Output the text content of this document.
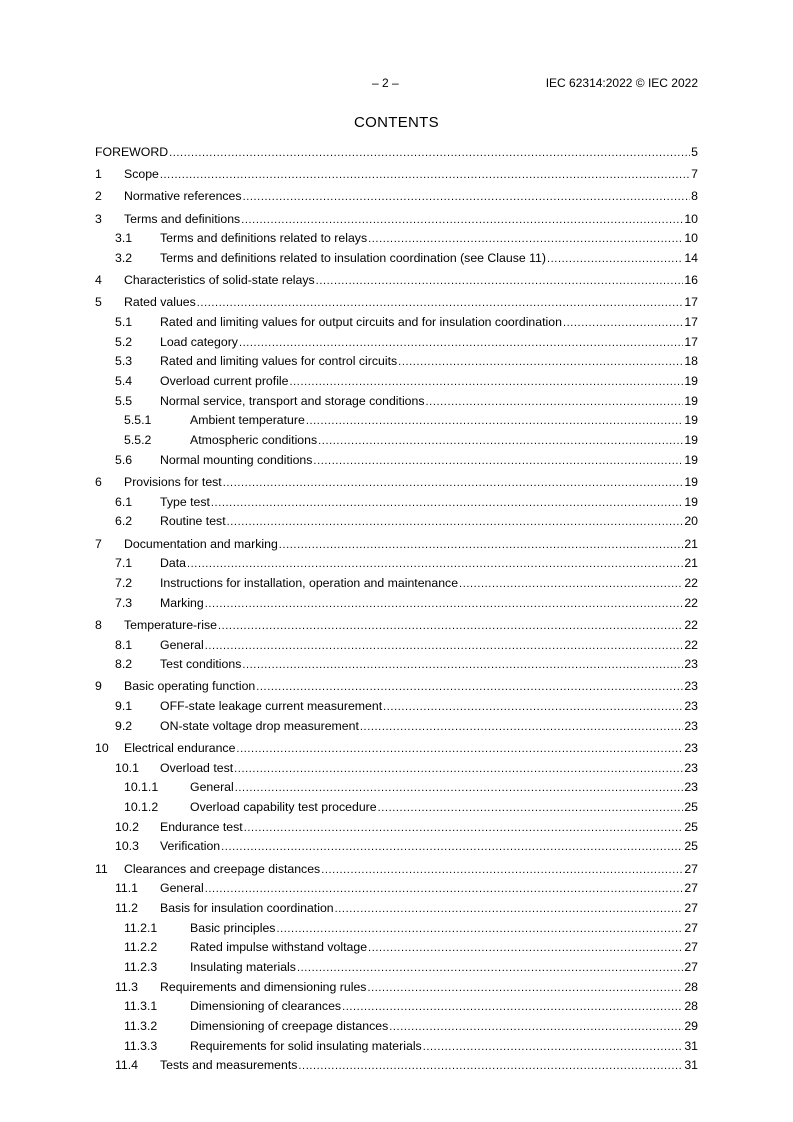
– 2 –	IEC 62314:2022 © IEC 2022
CONTENTS
FOREWORD .....	5
1	Scope .....	7
2	Normative references .....	8
3	Terms and definitions .....	10
3.1	Terms and definitions related to relays .....	10
3.2	Terms and definitions related to insulation coordination (see Clause 11) .....	14
4	Characteristics of solid-state relays .....	16
5	Rated values .....	17
5.1	Rated and limiting values for output circuits and for insulation coordination .....	17
5.2	Load category .....	17
5.3	Rated and limiting values for control circuits .....	18
5.4	Overload current profile .....	19
5.5	Normal service, transport and storage conditions .....	19
5.5.1	Ambient temperature .....	19
5.5.2	Atmospheric conditions .....	19
5.6	Normal mounting conditions .....	19
6	Provisions for test .....	19
6.1	Type test .....	19
6.2	Routine test .....	20
7	Documentation and marking .....	21
7.1	Data .....	21
7.2	Instructions for installation, operation and maintenance .....	22
7.3	Marking .....	22
8	Temperature-rise .....	22
8.1	General .....	22
8.2	Test conditions .....	23
9	Basic operating function .....	23
9.1	OFF-state leakage current measurement .....	23
9.2	ON-state voltage drop measurement .....	23
10	Electrical endurance .....	23
10.1	Overload test .....	23
10.1.1	General .....	23
10.1.2	Overload capability test procedure .....	25
10.2	Endurance test .....	25
10.3	Verification .....	25
11	Clearances and creepage distances .....	27
11.1	General .....	27
11.2	Basis for insulation coordination .....	27
11.2.1	Basic principles .....	27
11.2.2	Rated impulse withstand voltage .....	27
11.2.3	Insulating materials .....	27
11.3	Requirements and dimensioning rules .....	28
11.3.1	Dimensioning of clearances .....	28
11.3.2	Dimensioning of creepage distances .....	29
11.3.3	Requirements for solid insulating materials .....	31
11.4	Tests and measurements .....	31
